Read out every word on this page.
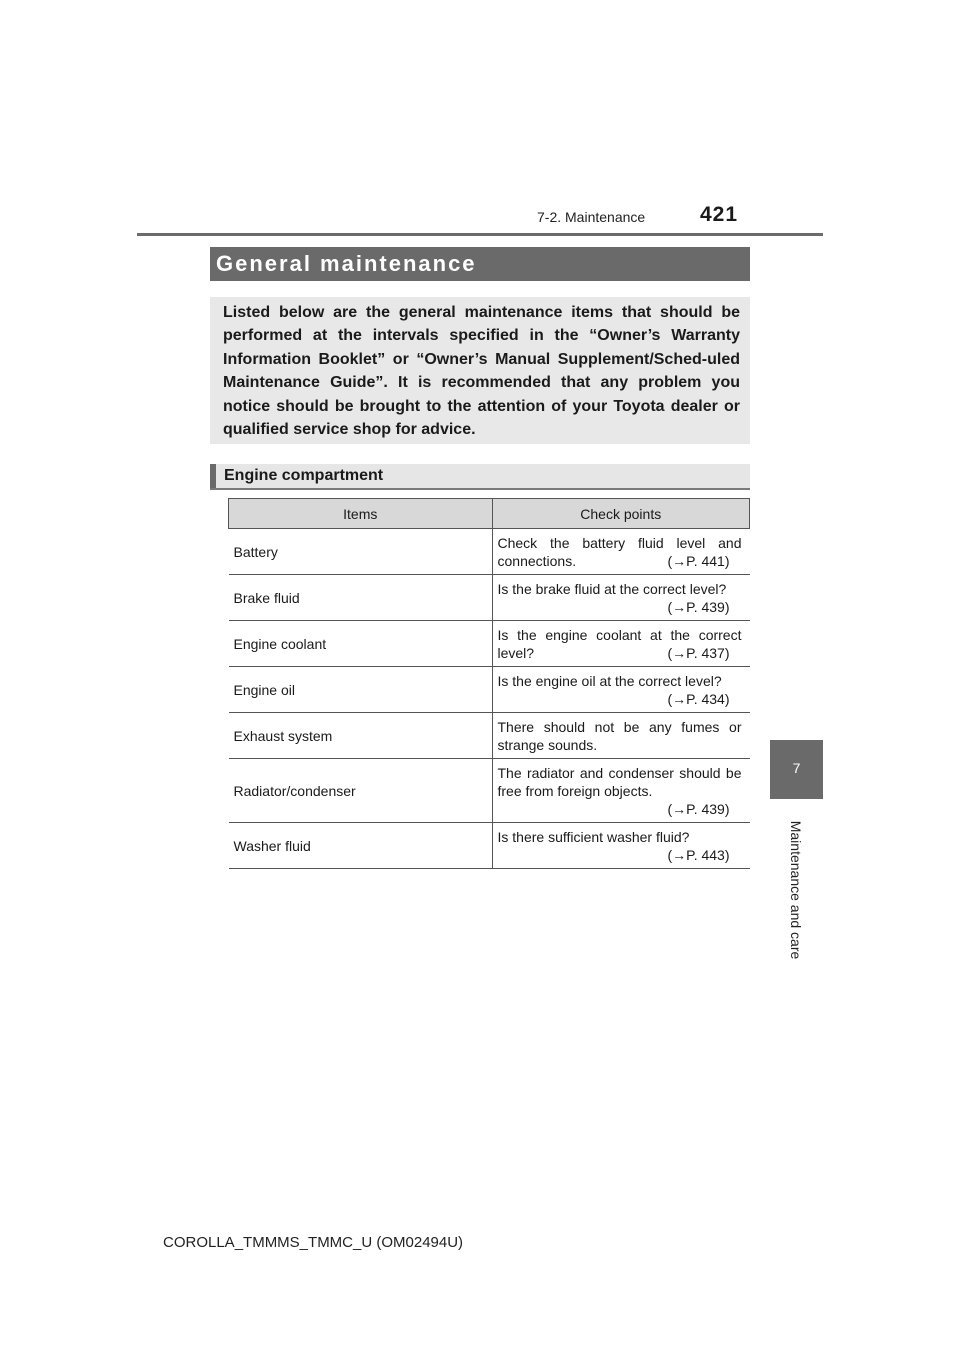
7-2. Maintenance	421
General maintenance

Listed below are the general maintenance items that should be performed at the intervals specified in the “Owner’s Warranty Information Booklet” or “Owner’s Manual Supplement/Sched-uled Maintenance Guide”. It is recommended that any problem you notice should be brought to the attention of your Toyota dealer or qualified service shop for advice.

Engine compartment
Items	Check points
Battery	Check the battery fluid level and connections. (→P. 441)

Brake fluid	Is the brake fluid at the correct level?
(→P. 439)

Engine coolant	Is the engine coolant at the correct level? (→P. 437)

Engine oil	Is the engine oil at the correct level?
(→P. 434)

Exhaust system	There should not be any fumes or strange sounds.
Radiator/condenser	The radiator and condenser should be free from foreign objects.
(→P. 439)

Washer fluid	Is there sufficient washer fluid?
(→P. 443)
7
Maintenance and care
COROLLA_TMMMS_TMMC_U (OM02494U)
